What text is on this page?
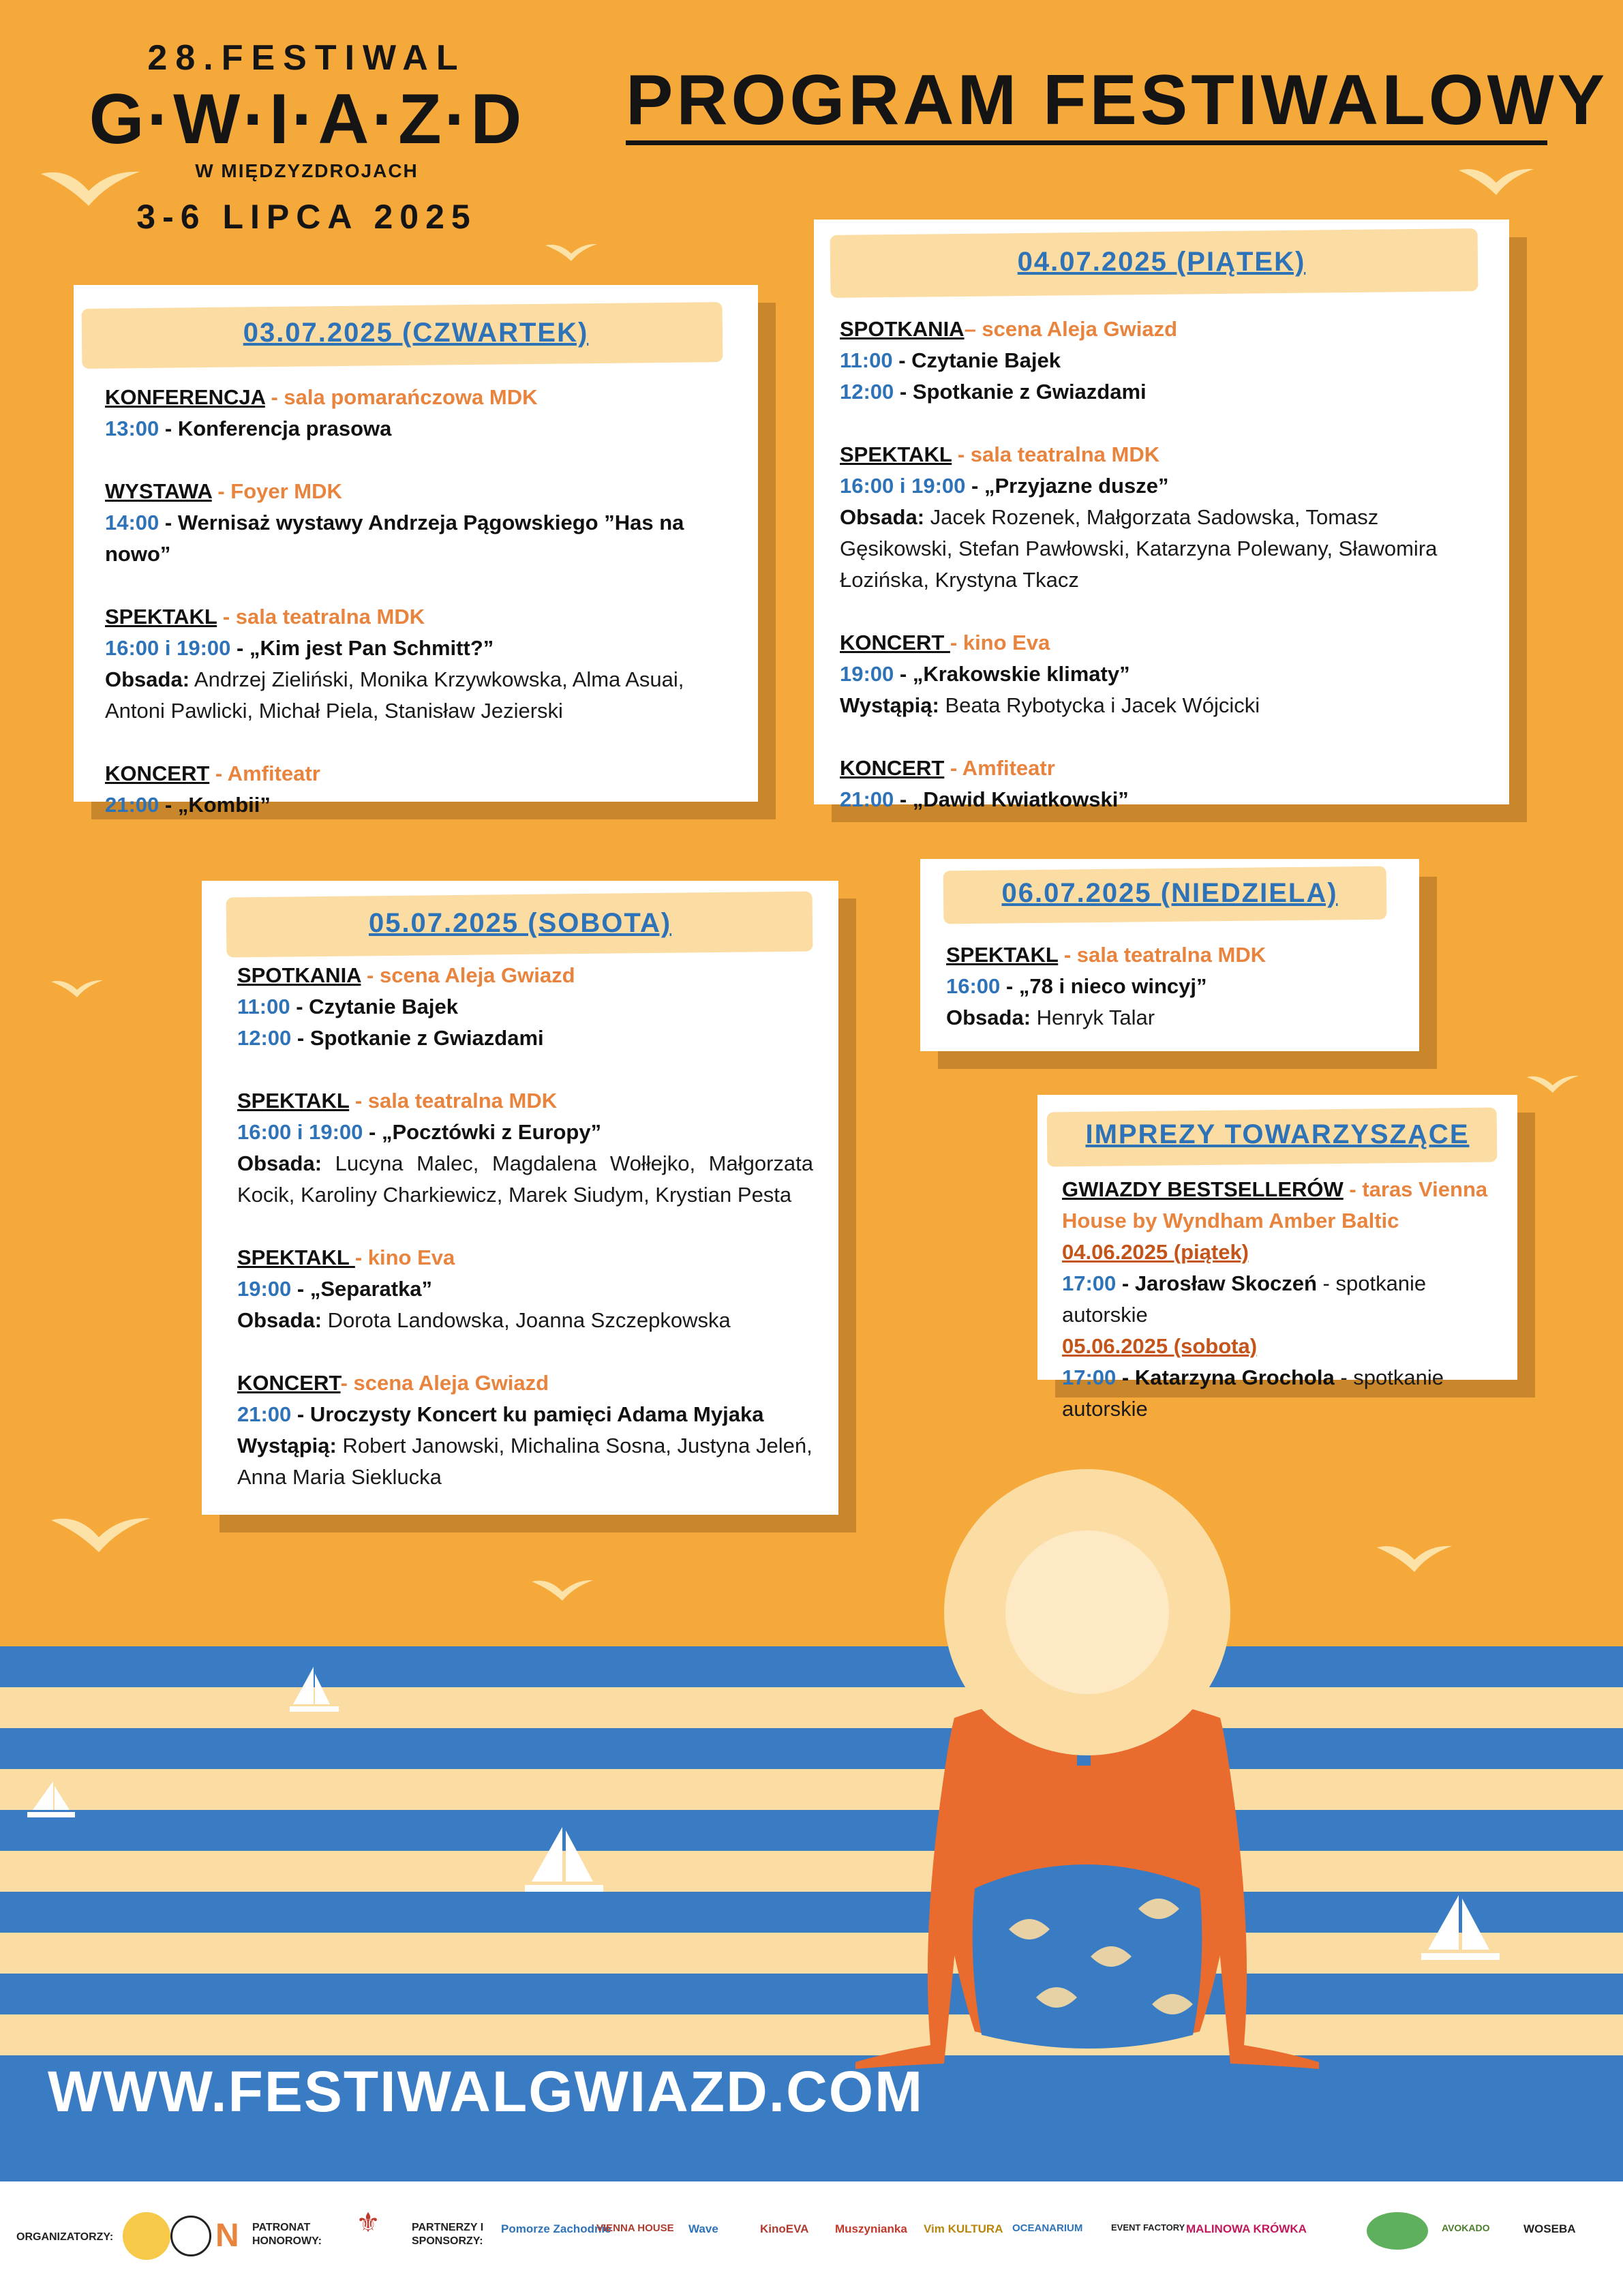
28.FESTIWAL
G·W·I·A·Z·D
W MIĘDZYZDROJACH
3-6 LIPCA 2025
PROGRAM FESTIWALOWY
03.07.2025 (CZWARTEK)

KONFERENCJA - sala pomarańczowa MDK

13:00 - Konferencja prasowa

WYSTAWA - Foyer MDK

14:00 - Wernisaż wystawy Andrzeja Pągowskiego ”Has na nowo”

SPEKTAKL - sala teatralna MDK

16:00 i 19:00 - „Kim jest Pan Schmitt?”

Obsada: Andrzej Zieliński, Monika Krzywkowska, Alma Asuai, Antoni Pawlicki, Michał Piela, Stanisław Jezierski

KONCERT - Amfiteatr

21:00 - „Kombii”

04.07.2025 (PIĄTEK)

SPOTKANIA– scena Aleja Gwiazd

11:00 - Czytanie Bajek

12:00 - Spotkanie z Gwiazdami

SPEKTAKL - sala teatralna MDK

16:00 i 19:00 - „Przyjazne dusze”

Obsada: Jacek Rozenek, Małgorzata Sadowska, Tomasz Gęsikowski, Stefan Pawłowski, Katarzyna Polewany, Sławomira Łozińska, Krystyna Tkacz

KONCERT - kino Eva

19:00 - „Krakowskie klimaty”

Wystąpią: Beata Rybotycka i Jacek Wójcicki

KONCERT - Amfiteatr

21:00 - „Dawid Kwiatkowski”

05.07.2025 (SOBOTA)

SPOTKANIA - scena Aleja Gwiazd

11:00 - Czytanie Bajek

12:00 - Spotkanie z Gwiazdami

SPEKTAKL - sala teatralna MDK

16:00 i 19:00 - „Pocztówki z Europy”

Obsada: Lucyna Malec, Magdalena Wołłejko, Małgorzata Kocik, Karoliny Charkiewicz, Marek Siudym, Krystian Pesta

SPEKTAKL - kino Eva

19:00 - „Separatka”

Obsada: Dorota Landowska, Joanna Szczepkowska

KONCERT- scena Aleja Gwiazd

21:00 - Uroczysty Koncert ku pamięci Adama Myjaka

Wystąpią: Robert Janowski, Michalina Sosna, Justyna Jeleń, Anna Maria Sieklucka

06.07.2025 (NIEDZIELA)

SPEKTAKL - sala teatralna MDK

16:00 - „78 i nieco wincyj”

Obsada: Henryk Talar

IMPREZY TOWARZYSZĄCE

GWIAZDY BESTSELLERÓW - taras Vienna House by Wyndham Amber Baltic

04.06.2025 (piątek)

17:00 - Jarosław Skoczeń - spotkanie autorskie

05.06.2025 (sobota)

17:00 - Katarzyna Grochola - spotkanie autorskie

WWW.FESTIWALGWIAZD.COM
ORGANIZATORZY:	N	PATRONAT HONOROWY:
⚜	PARTNERZY I SPONSORZY:
Pomorze Zachodnie
VIENNA HOUSE Wave	KinoEVA Muszynianka Vim KULTURA OCEANARIUM	EVENT FACTORY MALINOWA KRÓWKA	AVOKADO	WOSEBA
